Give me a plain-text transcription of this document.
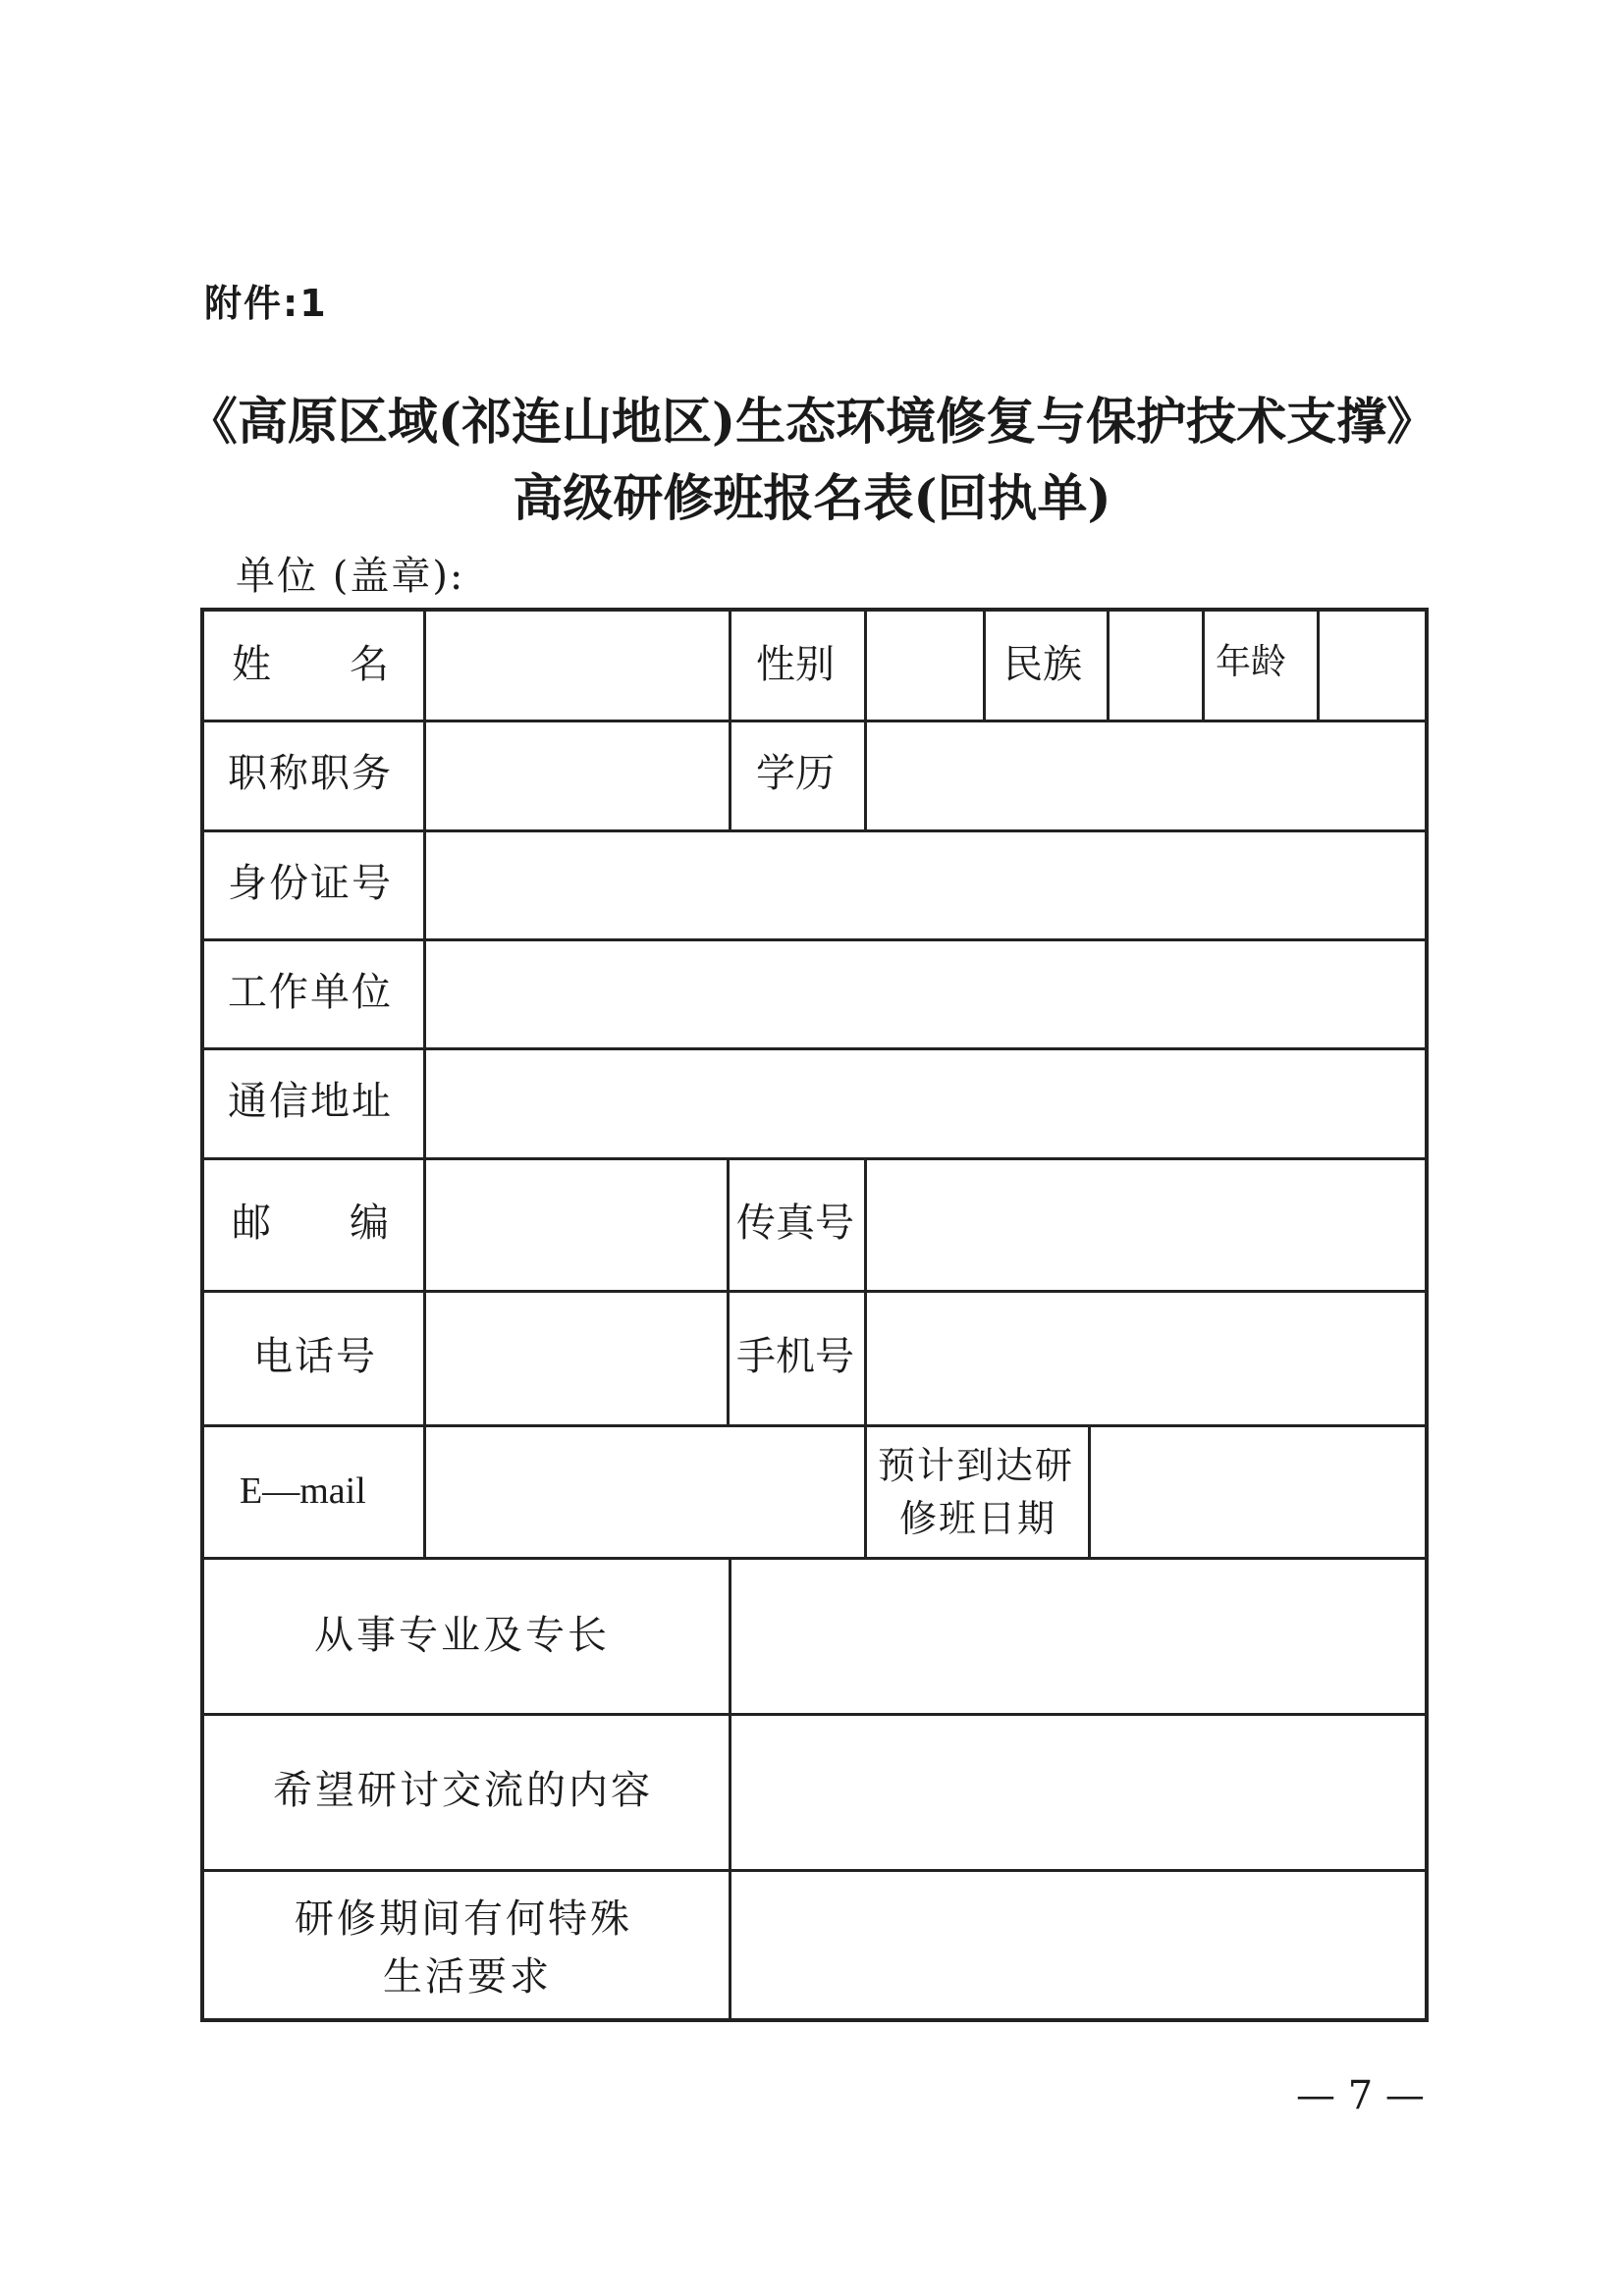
附件:1
《高原区域(祁连山地区)生态环境修复与保护技术支撑》
高级研修班报名表(回执单)
单位 (盖章):
姓　　名	性别	民族	年龄
职称职务	学历
身份证号
工作单位
通信地址
邮　　编	传真号
电话号	手机号
E—mail
预计到达研
修班日期
从事专业及专长
希望研讨交流的内容
研修期间有何特殊
生活要求
— 7 —
